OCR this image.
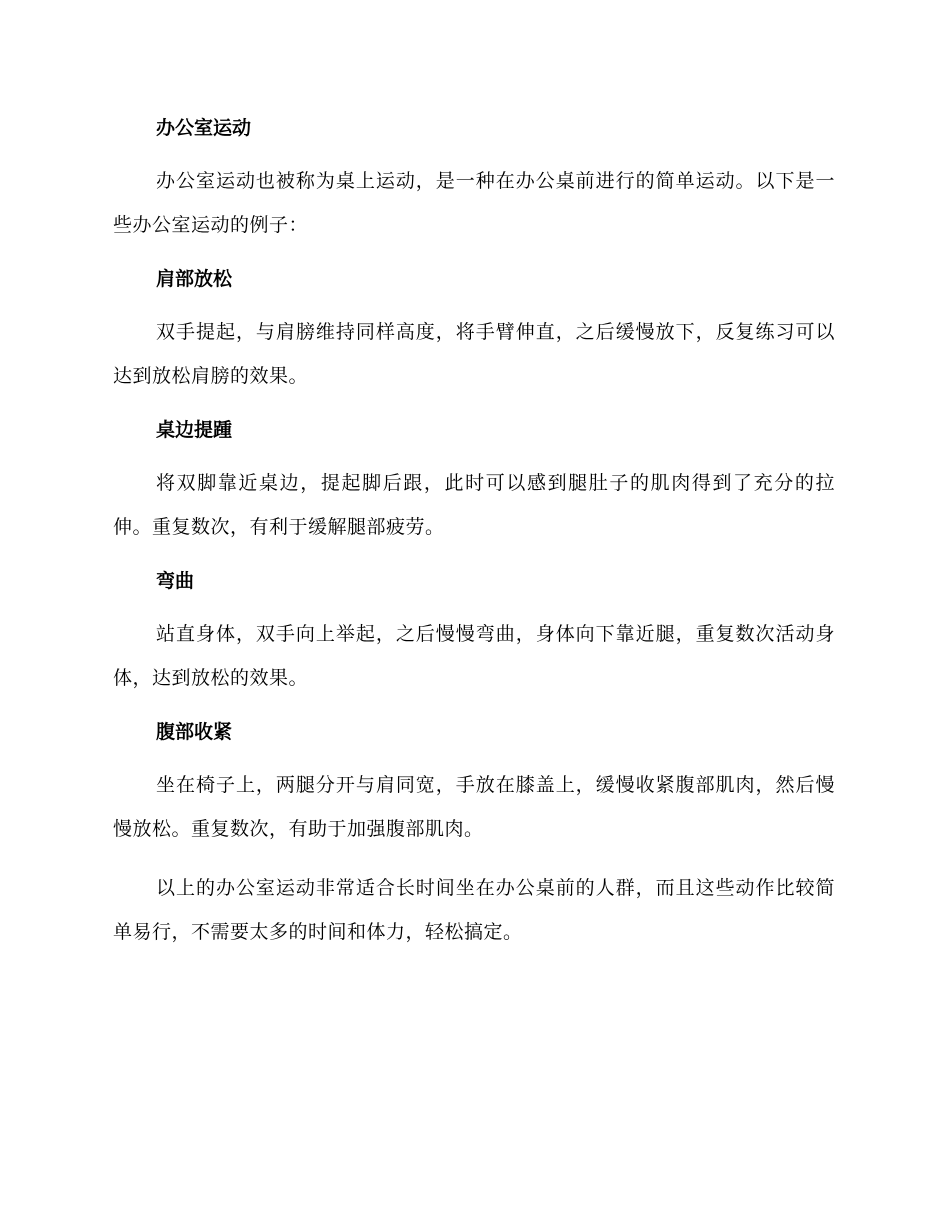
办公室运动

办公室运动也被称为桌上运动，是一种在办公桌前进行的简单运动。以下是一些办公室运动的例子：

肩部放松

双手提起，与肩膀维持同样高度，将手臂伸直，之后缓慢放下，反复练习可以达到放松肩膀的效果。

桌边提踵

将双脚靠近桌边，提起脚后跟，此时可以感到腿肚子的肌肉得到了充分的拉伸。重复数次，有利于缓解腿部疲劳。

弯曲

站直身体，双手向上举起，之后慢慢弯曲，身体向下靠近腿，重复数次活动身体，达到放松的效果。

腹部收紧

坐在椅子上，两腿分开与肩同宽，手放在膝盖上，缓慢收紧腹部肌肉，然后慢慢放松。重复数次，有助于加强腹部肌肉。

以上的办公室运动非常适合长时间坐在办公桌前的人群，而且这些动作比较简单易行，不需要太多的时间和体力，轻松搞定。
